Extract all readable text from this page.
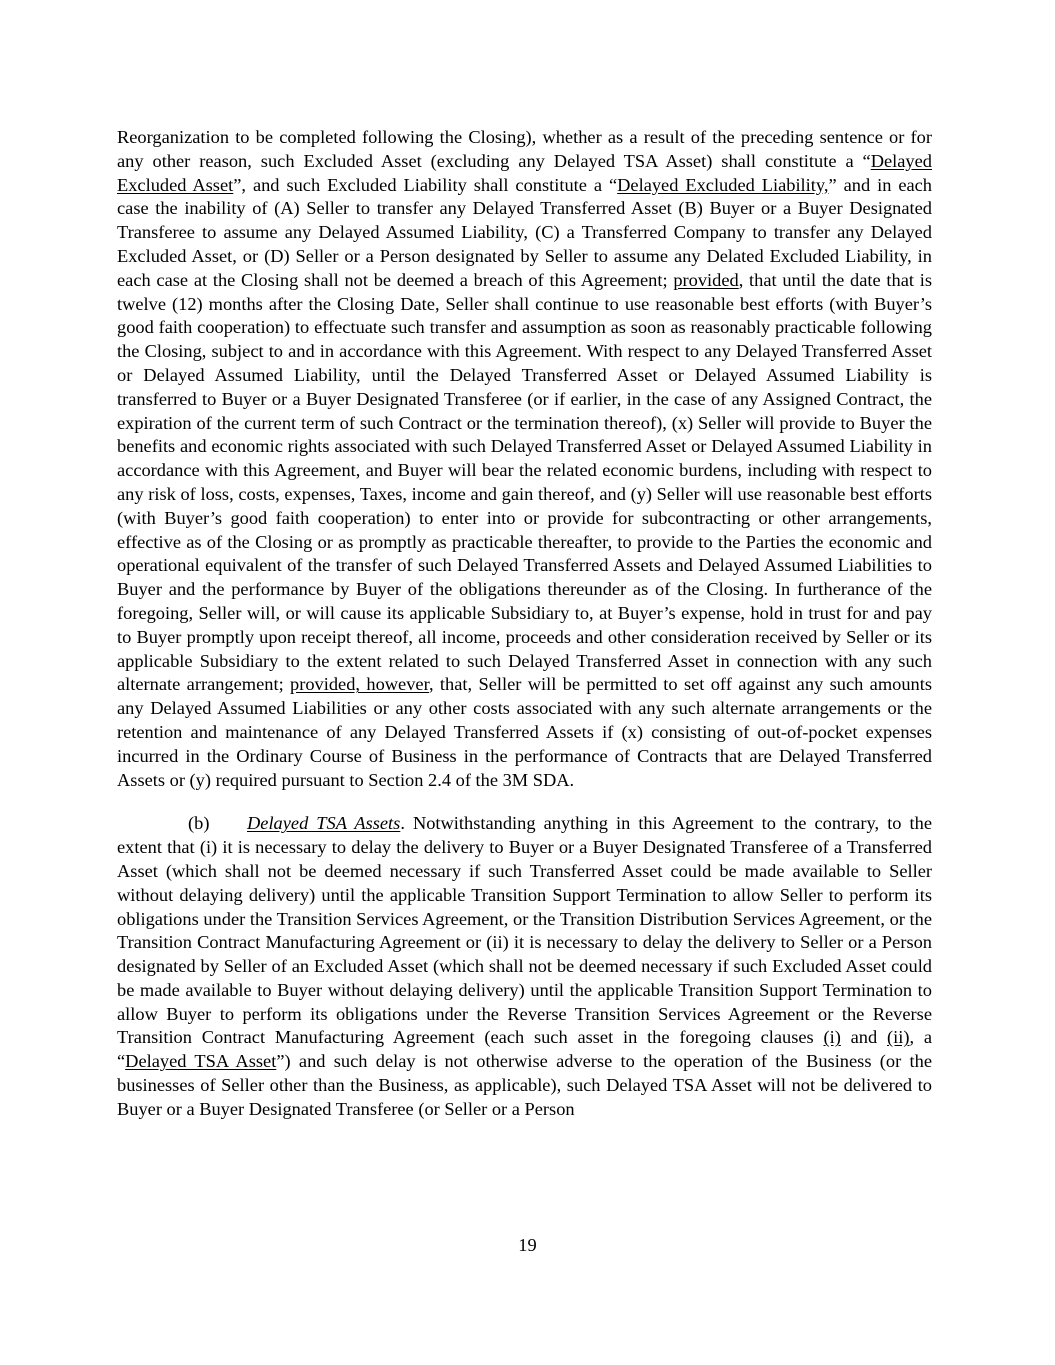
Reorganization to be completed following the Closing), whether as a result of the preceding sentence or for any other reason, such Excluded Asset (excluding any Delayed TSA Asset) shall constitute a “Delayed Excluded Asset”, and such Excluded Liability shall constitute a “Delayed Excluded Liability,” and in each case the inability of (A) Seller to transfer any Delayed Transferred Asset (B) Buyer or a Buyer Designated Transferee to assume any Delayed Assumed Liability, (C) a Transferred Company to transfer any Delayed Excluded Asset, or (D) Seller or a Person designated by Seller to assume any Delated Excluded Liability, in each case at the Closing shall not be deemed a breach of this Agreement; provided, that until the date that is twelve (12) months after the Closing Date, Seller shall continue to use reasonable best efforts (with Buyer’s good faith cooperation) to effectuate such transfer and assumption as soon as reasonably practicable following the Closing, subject to and in accordance with this Agreement. With respect to any Delayed Transferred Asset or Delayed Assumed Liability, until the Delayed Transferred Asset or Delayed Assumed Liability is transferred to Buyer or a Buyer Designated Transferee (or if earlier, in the case of any Assigned Contract, the expiration of the current term of such Contract or the termination thereof), (x) Seller will provide to Buyer the benefits and economic rights associated with such Delayed Transferred Asset or Delayed Assumed Liability in accordance with this Agreement, and Buyer will bear the related economic burdens, including with respect to any risk of loss, costs, expenses, Taxes, income and gain thereof, and (y) Seller will use reasonable best efforts (with Buyer’s good faith cooperation) to enter into or provide for subcontracting or other arrangements, effective as of the Closing or as promptly as practicable thereafter, to provide to the Parties the economic and operational equivalent of the transfer of such Delayed Transferred Assets and Delayed Assumed Liabilities to Buyer and the performance by Buyer of the obligations thereunder as of the Closing. In furtherance of the foregoing, Seller will, or will cause its applicable Subsidiary to, at Buyer’s expense, hold in trust for and pay to Buyer promptly upon receipt thereof, all income, proceeds and other consideration received by Seller or its applicable Subsidiary to the extent related to such Delayed Transferred Asset in connection with any such alternate arrangement; provided, however, that, Seller will be permitted to set off against any such amounts any Delayed Assumed Liabilities or any other costs associated with any such alternate arrangements or the retention and maintenance of any Delayed Transferred Assets if (x) consisting of out-of-pocket expenses incurred in the Ordinary Course of Business in the performance of Contracts that are Delayed Transferred Assets or (y) required pursuant to Section 2.4 of the 3M SDA.

(b) Delayed TSA Assets. Notwithstanding anything in this Agreement to the contrary, to the extent that (i) it is necessary to delay the delivery to Buyer or a Buyer Designated Transferee of a Transferred Asset (which shall not be deemed necessary if such Transferred Asset could be made available to Seller without delaying delivery) until the applicable Transition Support Termination to allow Seller to perform its obligations under the Transition Services Agreement, or the Transition Distribution Services Agreement, or the Transition Contract Manufacturing Agreement or (ii) it is necessary to delay the delivery to Seller or a Person designated by Seller of an Excluded Asset (which shall not be deemed necessary if such Excluded Asset could be made available to Buyer without delaying delivery) until the applicable Transition Support Termination to allow Buyer to perform its obligations under the Reverse Transition Services Agreement or the Reverse Transition Contract Manufacturing Agreement (each such asset in the foregoing clauses (i) and (ii), a “Delayed TSA Asset”) and such delay is not otherwise adverse to the operation of the Business (or the businesses of Seller other than the Business, as applicable), such Delayed TSA Asset will not be delivered to Buyer or a Buyer Designated Transferee (or Seller or a Person

19
